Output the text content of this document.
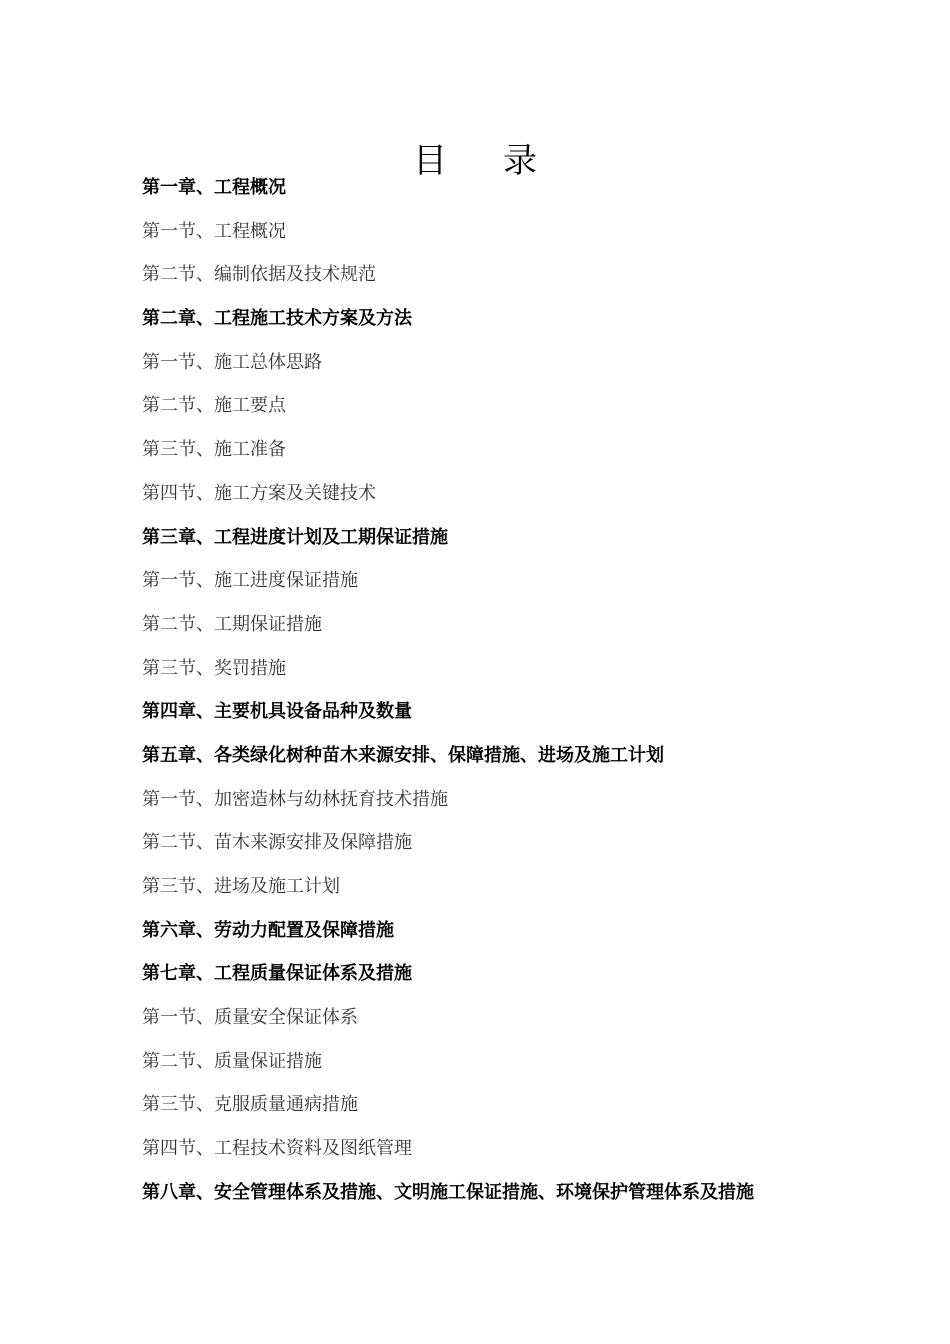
目录
第一章、工程概况
第一节、工程概况
第二节、编制依据及技术规范
第二章、工程施工技术方案及方法
第一节、施工总体思路
第二节、施工要点
第三节、施工准备
第四节、施工方案及关键技术
第三章、工程进度计划及工期保证措施
第一节、施工进度保证措施
第二节、工期保证措施
第三节、奖罚措施
第四章、主要机具设备品种及数量
第五章、各类绿化树种苗木来源安排、保障措施、进场及施工计划
第一节、加密造林与幼林抚育技术措施
第二节、苗木来源安排及保障措施
第三节、进场及施工计划
第六章、劳动力配置及保障措施
第七章、工程质量保证体系及措施
第一节、质量安全保证体系
第二节、质量保证措施
第三节、克服质量通病措施
第四节、工程技术资料及图纸管理
第八章、安全管理体系及措施、文明施工保证措施、环境保护管理体系及措施
